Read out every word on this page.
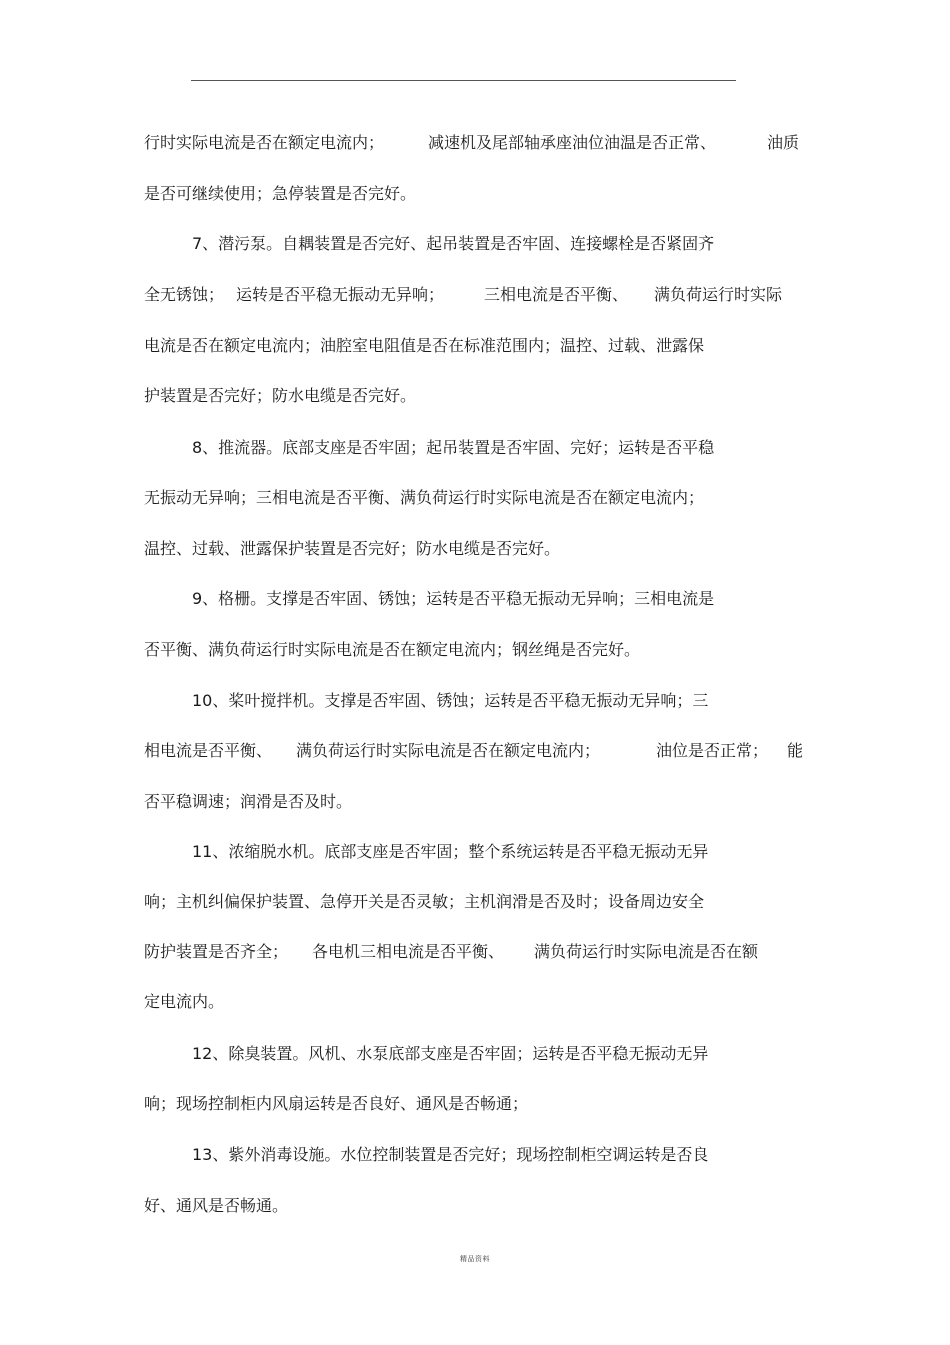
行时实际电流是否在额定电流内；	减速机及尾部轴承座油位油温是否正常、	油质
是否可继续使用；急停装置是否完好。
7、潜污泵。自耦装置是否完好、起吊装置是否牢固、连接螺栓是否紧固齐
全无锈蚀； 运转是否平稳无振动无异响； 三相电流是否平衡、 满负荷运行时实际
电流是否在额定电流内；油腔室电阻值是否在标准范围内；温控、过载、泄露保
护装置是否完好；防水电缆是否完好。
8、推流器。底部支座是否牢固；起吊装置是否牢固、完好；运转是否平稳
无振动无异响；三相电流是否平衡、满负荷运行时实际电流是否在额定电流内；
温控、过载、泄露保护装置是否完好；防水电缆是否完好。
9、格栅。支撑是否牢固、锈蚀；运转是否平稳无振动无异响；三相电流是
否平衡、满负荷运行时实际电流是否在额定电流内；钢丝绳是否完好。
10、桨叶搅拌机。支撑是否牢固、锈蚀；运转是否平稳无振动无异响；三
相电流是否平衡、 满负荷运行时实际电流是否在额定电流内；	油位是否正常； 能
否平稳调速；润滑是否及时。
11、浓缩脱水机。底部支座是否牢固；整个系统运转是否平稳无振动无异
响；主机纠偏保护装置、急停开关是否灵敏；主机润滑是否及时；设备周边安全
防护装置是否齐全； 各电机三相电流是否平衡、 满负荷运行时实际电流是否在额
定电流内。
12、除臭装置。风机、水泵底部支座是否牢固；运转是否平稳无振动无异
响；现场控制柜内风扇运转是否良好、通风是否畅通；
13、紫外消毒设施。水位控制装置是否完好；现场控制柜空调运转是否良
好、通风是否畅通。
精品资料
